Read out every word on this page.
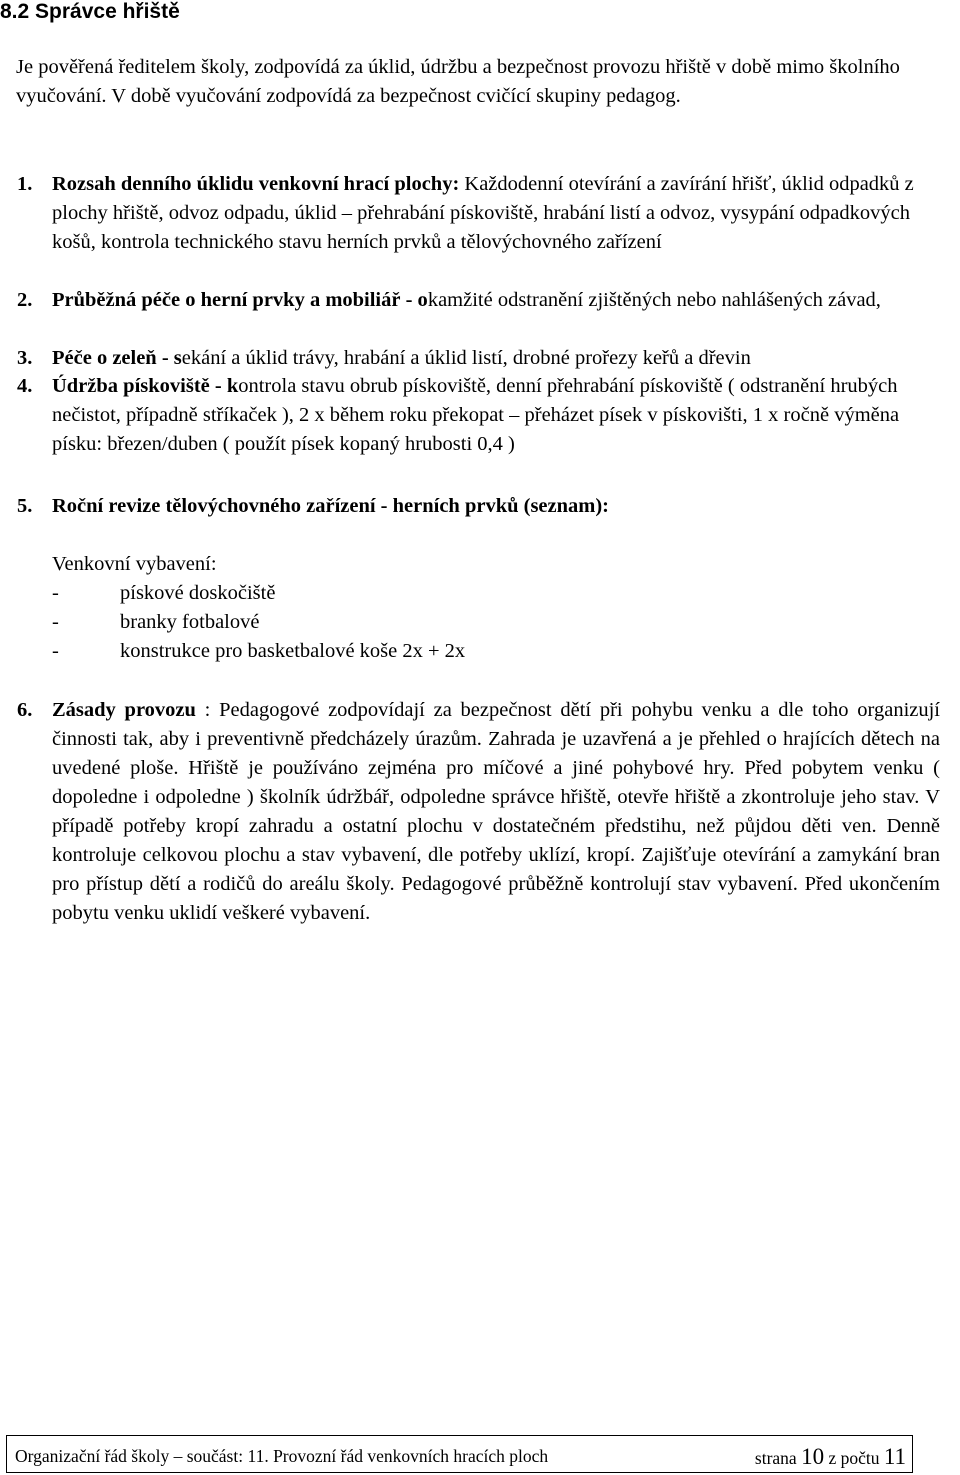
8.2 Správce hřiště
Je pověřená ředitelem školy, zodpovídá za úklid, údržbu a bezpečnost provozu hřiště v době mimo školního vyučování. V době vyučování zodpovídá za bezpečnost cvičící skupiny pedagog.
1. Rozsah denního úklidu venkovní hrací plochy: Každodenní otevírání a zavírání hřišť, úklid odpadků z plochy hřiště, odvoz odpadu, úklid – přehrabání pískoviště, hrabání listí a odvoz, vysypání odpadkových košů, kontrola technického stavu herních prvků a tělovýchovného zařízení
2. Průběžná péče o herní prvky a mobiliář - okamžité odstranění zjištěných nebo nahlášených závad,
3. Péče o zeleň - sekání a úklid trávy, hrabání a úklid listí, drobné prořezy keřů a dřevin
4. Údržba pískoviště - kontrola stavu obrub pískoviště, denní přehrabání pískoviště ( odstranění hrubých nečistot, případně stříkaček ), 2 x během roku překopat – přeházet písek v pískovišti, 1 x ročně výměna písku: březen/duben ( použít písek kopaný hrubosti 0,4 )
5. Roční revize tělovýchovného zařízení - herních prvků (seznam):
Venkovní vybavení:
-	pískové doskočiště
-	branky fotbalové
-	konstrukce pro basketbalové koše 2x + 2x
6. Zásady provozu : Pedagogové zodpovídají za bezpečnost dětí při pohybu venku a dle toho organizují činnosti tak, aby i preventivně předcházely úrazům. Zahrada je uzavřená a je přehled o hrajících dětech na uvedené ploše. Hřiště je používáno zejména pro míčové a jiné pohybové hry. Před pobytem venku ( dopoledne i odpoledne ) školník údržbář, odpoledne správce hřiště, otevře hřiště a zkontroluje jeho stav. V případě potřeby kropí zahradu a ostatní plochu v dostatečném předstihu, než půjdou děti ven. Denně kontroluje celkovou plochu a stav vybavení, dle potřeby uklízí, kropí. Zajišťuje otevírání a zamykání bran pro přístup dětí a rodičů do areálu školy. Pedagogové průběžně kontrolují stav vybavení. Před ukončením pobytu venku uklidí veškeré vybavení.
Organizační řád školy – součást: 11. Provozní řád venkovních hracích ploch	strana 10 z počtu 11
